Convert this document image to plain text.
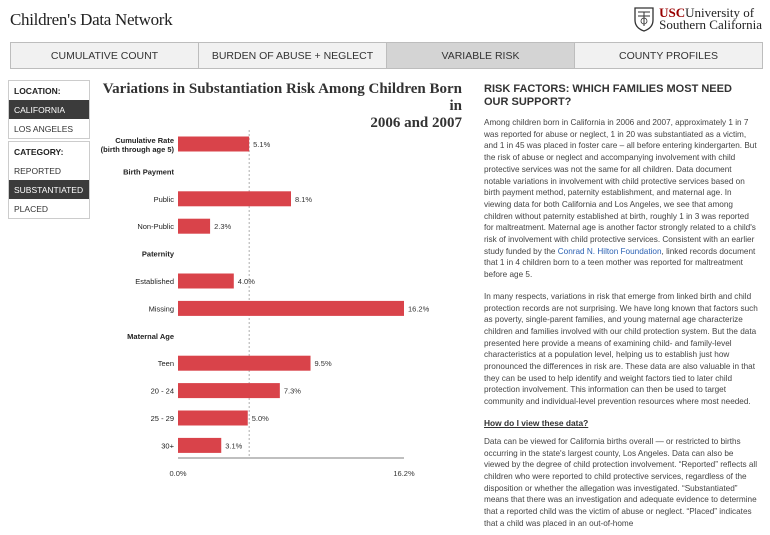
Children's Data Network	USCUniversity of
Southern California
CUMULATIVE COUNT	BURDEN OF ABUSE + NEGLECT	VARIABLE RISK	COUNTY PROFILES
LOCATION:
CALIFORNIA
LOS ANGELES
CATEGORY:
REPORTED
SUBSTANTIATED
PLACED
Variations in Substantiation Risk Among Children Born in
2006 and 2007
Cumulative Rate
(birth through age 5)
5.1%
Birth Payment
Public	8.1%
Non-Public	2.3%
Paternity
Established	4.0%
Missing	16.2%
Maternal Age
Teen	9.5%
20 - 24	7.3%
25 - 29	5.0%
30+	3.1%
0.0%	16.2%
RISK FACTORS: WHICH FAMILIES MOST NEED OUR SUPPORT?

Among children born in California in 2006 and 2007, approximately 1 in 7 was reported for abuse or neglect, 1 in 20 was substantiated as a victim, and 1 in 45 was placed in foster care – all before entering kindergarten. But the risk of abuse or neglect and accompanying involvement with child protective services was not the same for all children. Data document notable variations in involvement with child protective services based on birth payment method, paternity establishment, and maternal age. In viewing data for both California and Los Angeles, we see that among children without paternity established at birth, roughly 1 in 3 was reported for maltreatment. Maternal age is another factor strongly related to a child's risk of involvement with child protective services. Consistent with an earlier study funded by the Conrad N. Hilton Foundation, linked records document that 1 in 4 children born to a teen mother was reported for maltreatment before age 5.

In many respects, variations in risk that emerge from linked birth and child protection records are not surprising. We have long known that factors such as poverty, single-parent families, and young maternal age characterize children and families involved with our child protection system. But the data presented here provide a means of examining child- and family-level characteristics at a population level, helping us to establish just how pronounced the differences in risk are. These data are also valuable in that they can be used to help identify and weight factors tied to later child protection involvement. This information can then be used to target community and individual-level prevention resources where most needed.

How do I view these data?

Data can be viewed for California births overall — or restricted to births occurring in the state's largest county, Los Angeles. Data can also be viewed by the degree of child protection involvement. “Reported” reflects all children who were reported to child protective services, regardless of the disposition or whether the allegation was investigated. “Substantiated” means that there was an investigation and adequate evidence to determine that a reported child was the victim of abuse or neglect. “Placed” indicates that a child was placed in an out-of-home
